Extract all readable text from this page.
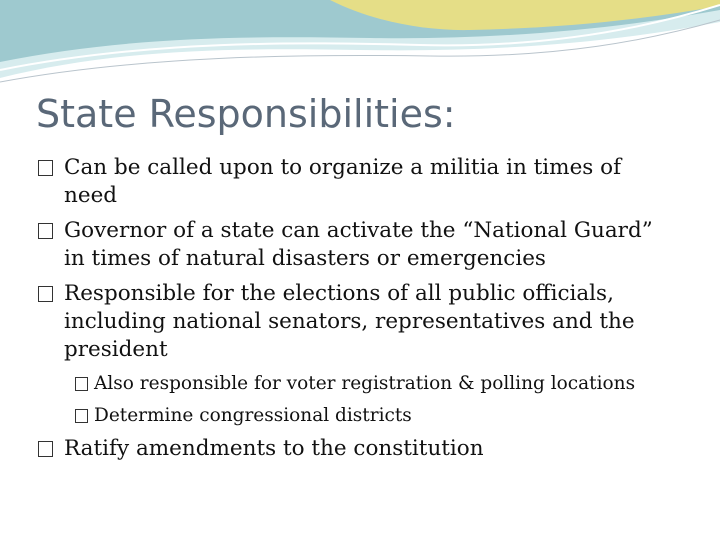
State Responsibilities:
Can be called upon to organize a militia in times of need
Governor of a state can activate the “National Guard” in times of natural disasters or emergencies
Responsible for the elections of all public officials, including national senators, representatives and the president
Also responsible for voter registration & polling locations
Determine congressional districts
Ratify amendments to the constitution
